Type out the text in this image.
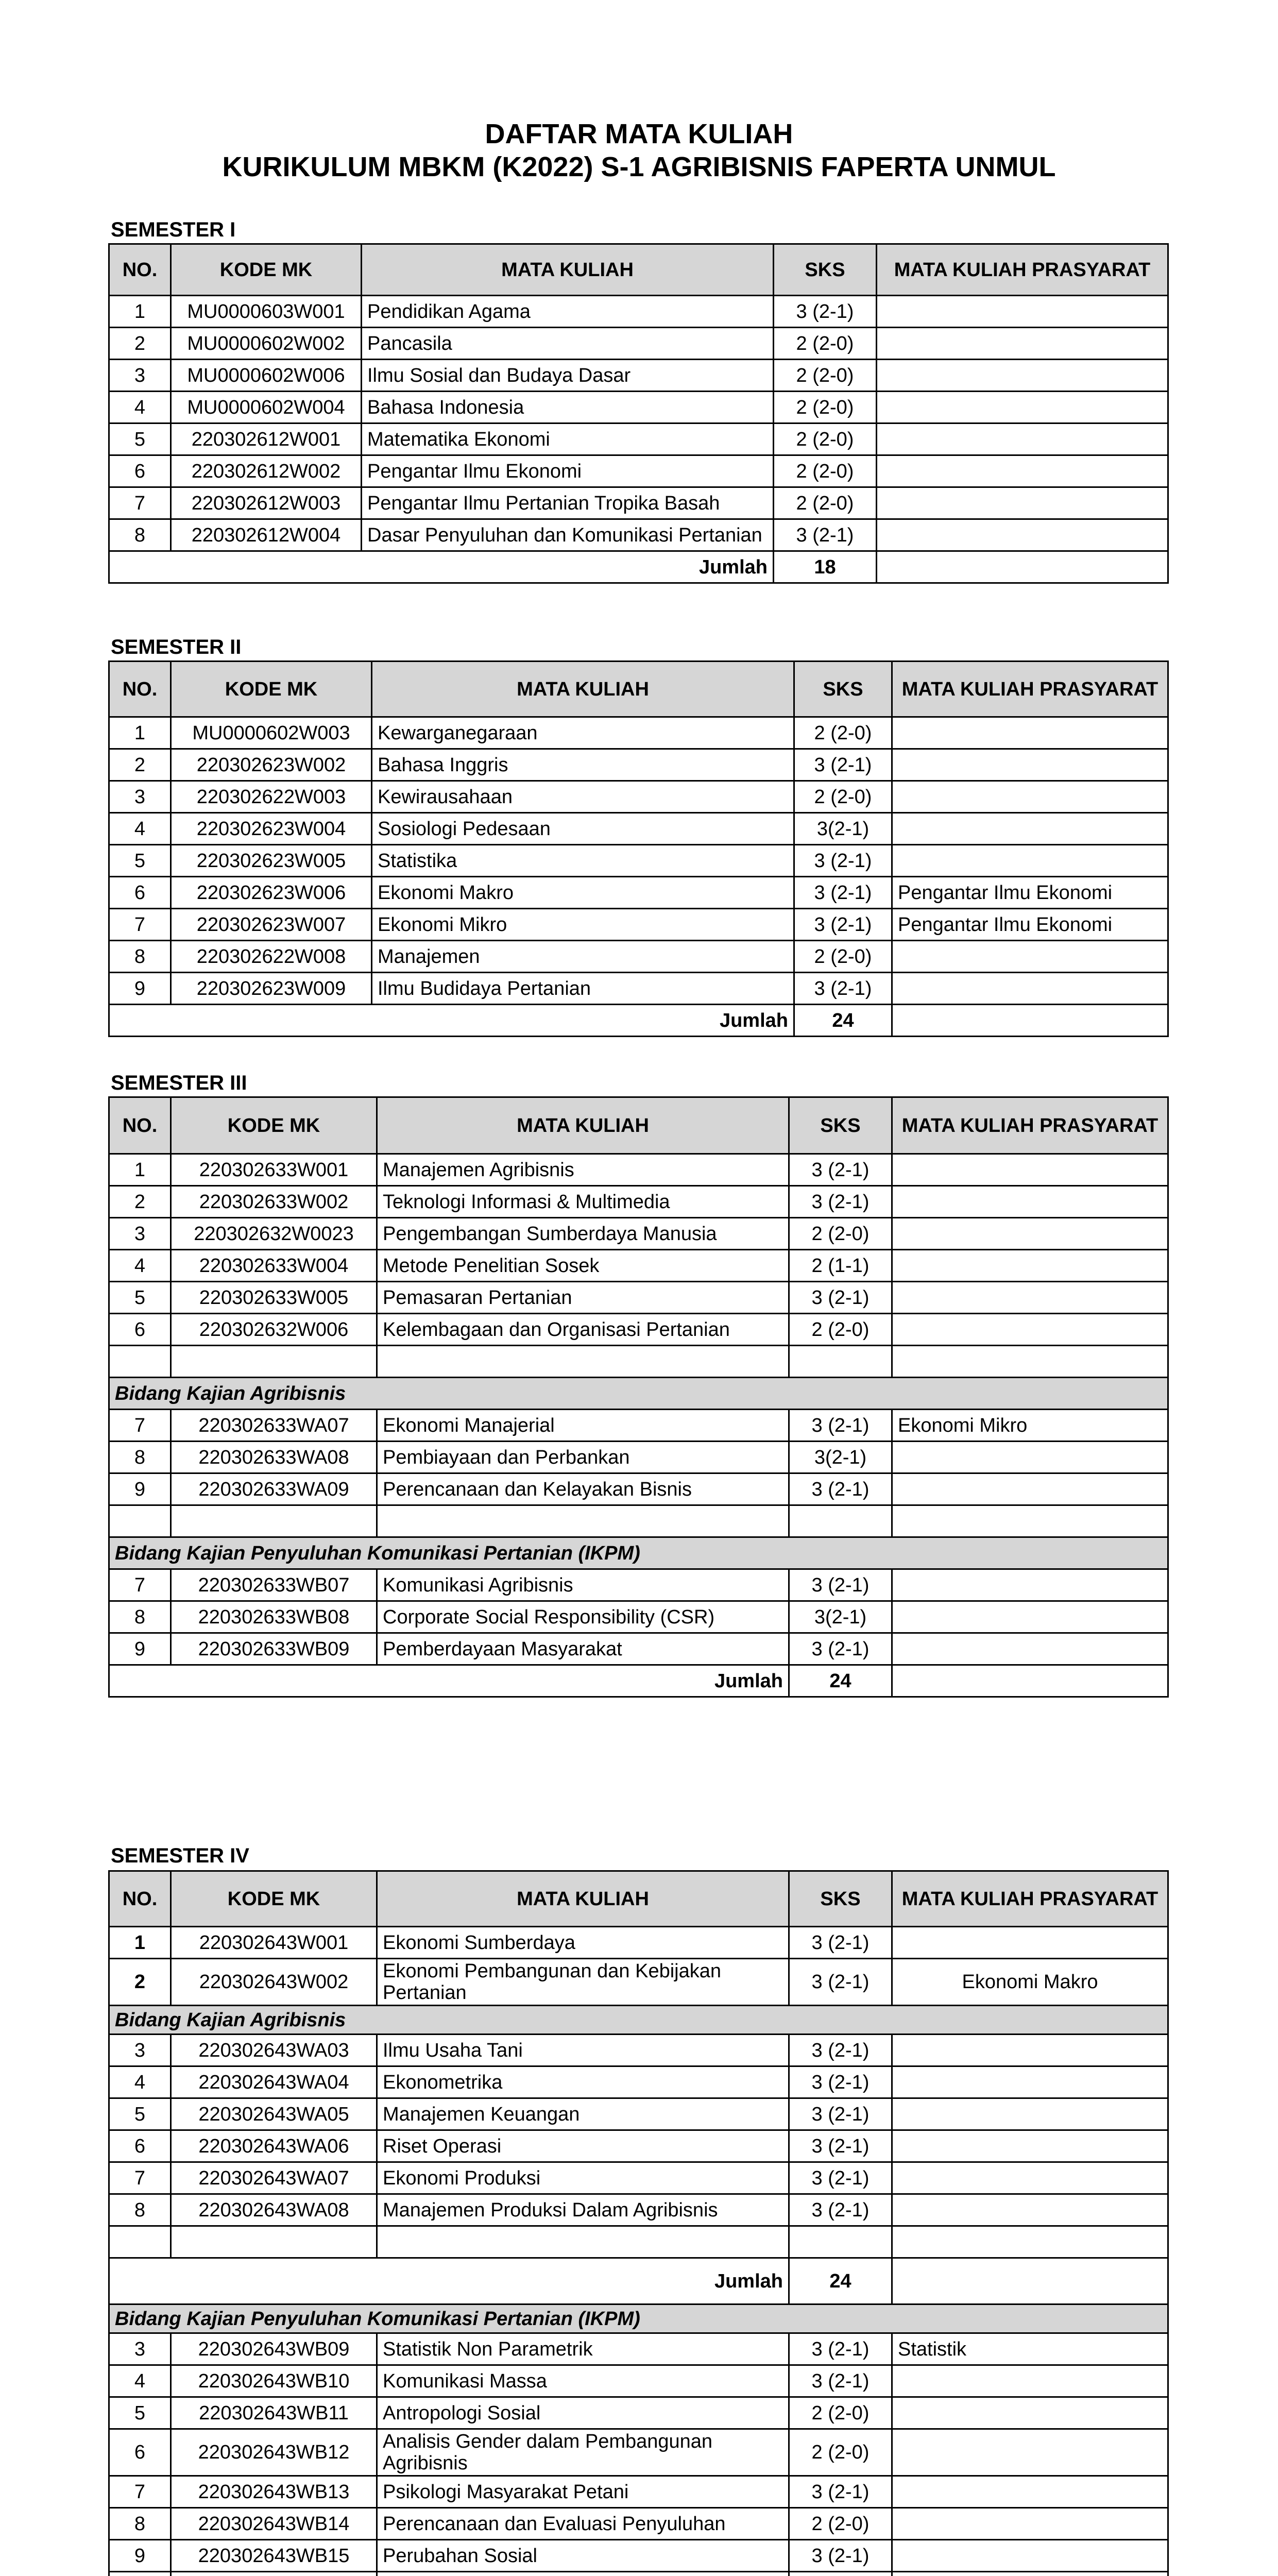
DAFTAR MATA KULIAH
KURIKULUM MBKM (K2022) S-1 AGRIBISNIS FAPERTA UNMUL
SEMESTER I
NO.	KODE MK	MATA KULIAH	SKS	MATA KULIAH PRASYARAT
1	MU0000603W001	Pendidikan Agama	3 (2-1)	
2	MU0000602W002	Pancasila	2 (2-0)	
3	MU0000602W006	Ilmu Sosial dan Budaya Dasar	2 (2-0)	
4	MU0000602W004	Bahasa Indonesia	2 (2-0)	
5	220302612W001	Matematika Ekonomi	2 (2-0)	
6	220302612W002	Pengantar Ilmu Ekonomi	2 (2-0)	
7	220302612W003	Pengantar Ilmu Pertanian Tropika Basah	2 (2-0)	
8	220302612W004	Dasar Penyuluhan dan Komunikasi Pertanian	3 (2-1)	
Jumlah			18	
SEMESTER II
NO.	KODE MK	MATA KULIAH	SKS	MATA KULIAH PRASYARAT
1	MU0000602W003	Kewarganegaraan	2 (2-0)	
2	220302623W002	Bahasa Inggris	3 (2-1)	
3	220302622W003	Kewirausahaan	2 (2-0)	
4	220302623W004	Sosiologi Pedesaan	3(2-1)	
5	220302623W005	Statistika	3 (2-1)	
6	220302623W006	Ekonomi Makro	3 (2-1)	Pengantar Ilmu Ekonomi
7	220302623W007	Ekonomi Mikro	3 (2-1)	Pengantar Ilmu Ekonomi
8	220302622W008	Manajemen	2 (2-0)	
9	220302623W009	Ilmu Budidaya Pertanian	3 (2-1)	
Jumlah			24	
SEMESTER III
NO.	KODE MK	MATA KULIAH	SKS	MATA KULIAH PRASYARAT
1	220302633W001	Manajemen Agribisnis	3 (2-1)	
2	220302633W002	Teknologi Informasi & Multimedia	3 (2-1)	
3	220302632W0023	Pengembangan Sumberdaya Manusia	2 (2-0)	
4	220302633W004	Metode Penelitian Sosek	2 (1-1)	
5	220302633W005	Pemasaran Pertanian	3 (2-1)	
6	220302632W006	Kelembagaan dan Organisasi Pertanian	2 (2-0)	

Bidang Kajian Agribisnis				
7	220302633WA07	Ekonomi Manajerial	3 (2-1)	Ekonomi Mikro
8	220302633WA08	Pembiayaan dan Perbankan	3(2-1)	
9	220302633WA09	Perencanaan dan Kelayakan Bisnis	3 (2-1)	

Bidang Kajian Penyuluhan Komunikasi Pertanian (IKPM)				
7	220302633WB07	Komunikasi Agribisnis	3 (2-1)	
8	220302633WB08	Corporate Social Responsibility (CSR)	3(2-1)	
9	220302633WB09	Pemberdayaan Masyarakat	3 (2-1)	
Jumlah			24	
SEMESTER IV
NO.	KODE MK	MATA KULIAH	SKS	MATA KULIAH PRASYARAT
1	220302643W001	Ekonomi Sumberdaya	3 (2-1)	
2	220302643W002	Ekonomi Pembangunan dan Kebijakan Pertanian	3 (2-1)	Ekonomi Makro
Bidang Kajian Agribisnis				
3	220302643WA03	Ilmu Usaha Tani	3 (2-1)	
4	220302643WA04	Ekonometrika	3 (2-1)	
5	220302643WA05	Manajemen Keuangan	3 (2-1)	
6	220302643WA06	Riset Operasi	3 (2-1)	
7	220302643WA07	Ekonomi Produksi	3 (2-1)	
8	220302643WA08	Manajemen Produksi Dalam Agribisnis	3 (2-1)	

Jumlah			24	
Bidang Kajian Penyuluhan Komunikasi Pertanian (IKPM)				
3	220302643WB09	Statistik Non Parametrik	3 (2-1)	Statistik
4	220302643WB10	Komunikasi Massa	3 (2-1)	
5	220302643WB11	Antropologi Sosial	2 (2-0)	
6	220302643WB12	Analisis Gender dalam Pembangunan Agribisnis	2 (2-0)	
7	220302643WB13	Psikologi Masyarakat Petani	3 (2-1)	
8	220302643WB14	Perencanaan dan Evaluasi Penyuluhan	2 (2-0)	
9	220302643WB15	Perubahan Sosial	3 (2-1)	
